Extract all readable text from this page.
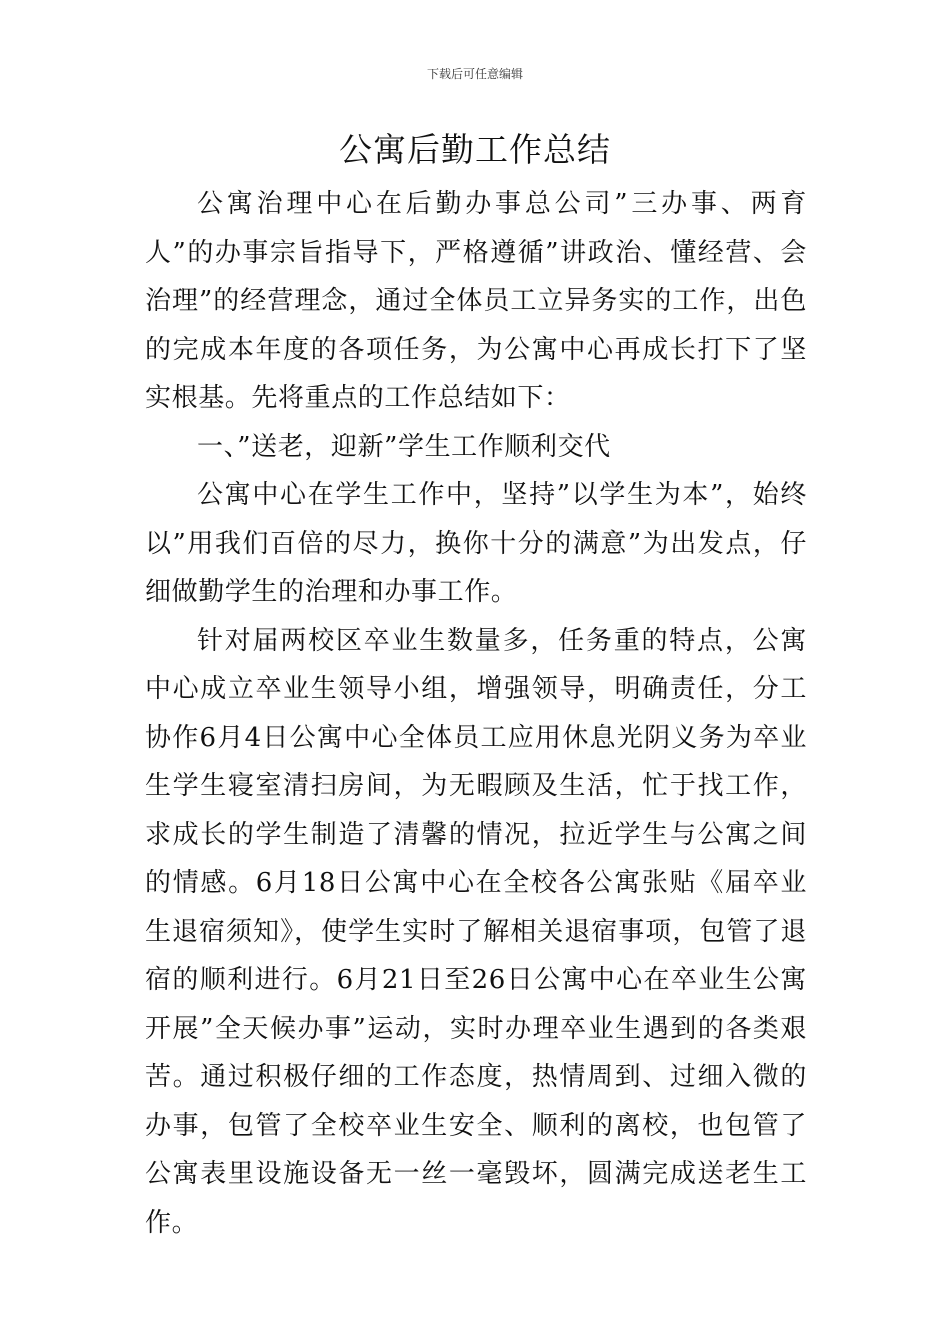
下载后可任意编辑
公寓后勤工作总结

公寓治理中心在后勤办事总公司”三办事、两育人”的办事宗旨指导下，严格遵循”讲政治、懂经营、会治理”的经营理念，通过全体员工立异务实的工作，出色的完成本年度的各项任务，为公寓中心再成长打下了坚实根基。先将重点的工作总结如下：

一、”送老，迎新”学生工作顺利交代

公寓中心在学生工作中，坚持”以学生为本”，始终以”用我们百倍的尽力，换你十分的满意”为出发点，仔细做勤学生的治理和办事工作。

针对届两校区卒业生数量多，任务重的特点，公寓中心成立卒业生领导小组，增强领导，明确责任，分工协作6月4日公寓中心全体员工应用休息光阴义务为卒业生学生寝室清扫房间，为无暇顾及生活，忙于找工作，求成长的学生制造了清馨的情况，拉近学生与公寓之间的情感。6月18日公寓中心在全校各公寓张贴《届卒业生退宿须知》，使学生实时了解相关退宿事项，包管了退宿的顺利进行。6月21日至26日公寓中心在卒业生公寓开展”全天候办事”运动，实时办理卒业生遇到的各类艰苦。通过积极仔细的工作态度，热情周到、过细入微的办事，包管了全校卒业生安全、顺利的离校，也包管了公寓表里设施设备无一丝一毫毁坏，圆满完成送老生工作。
